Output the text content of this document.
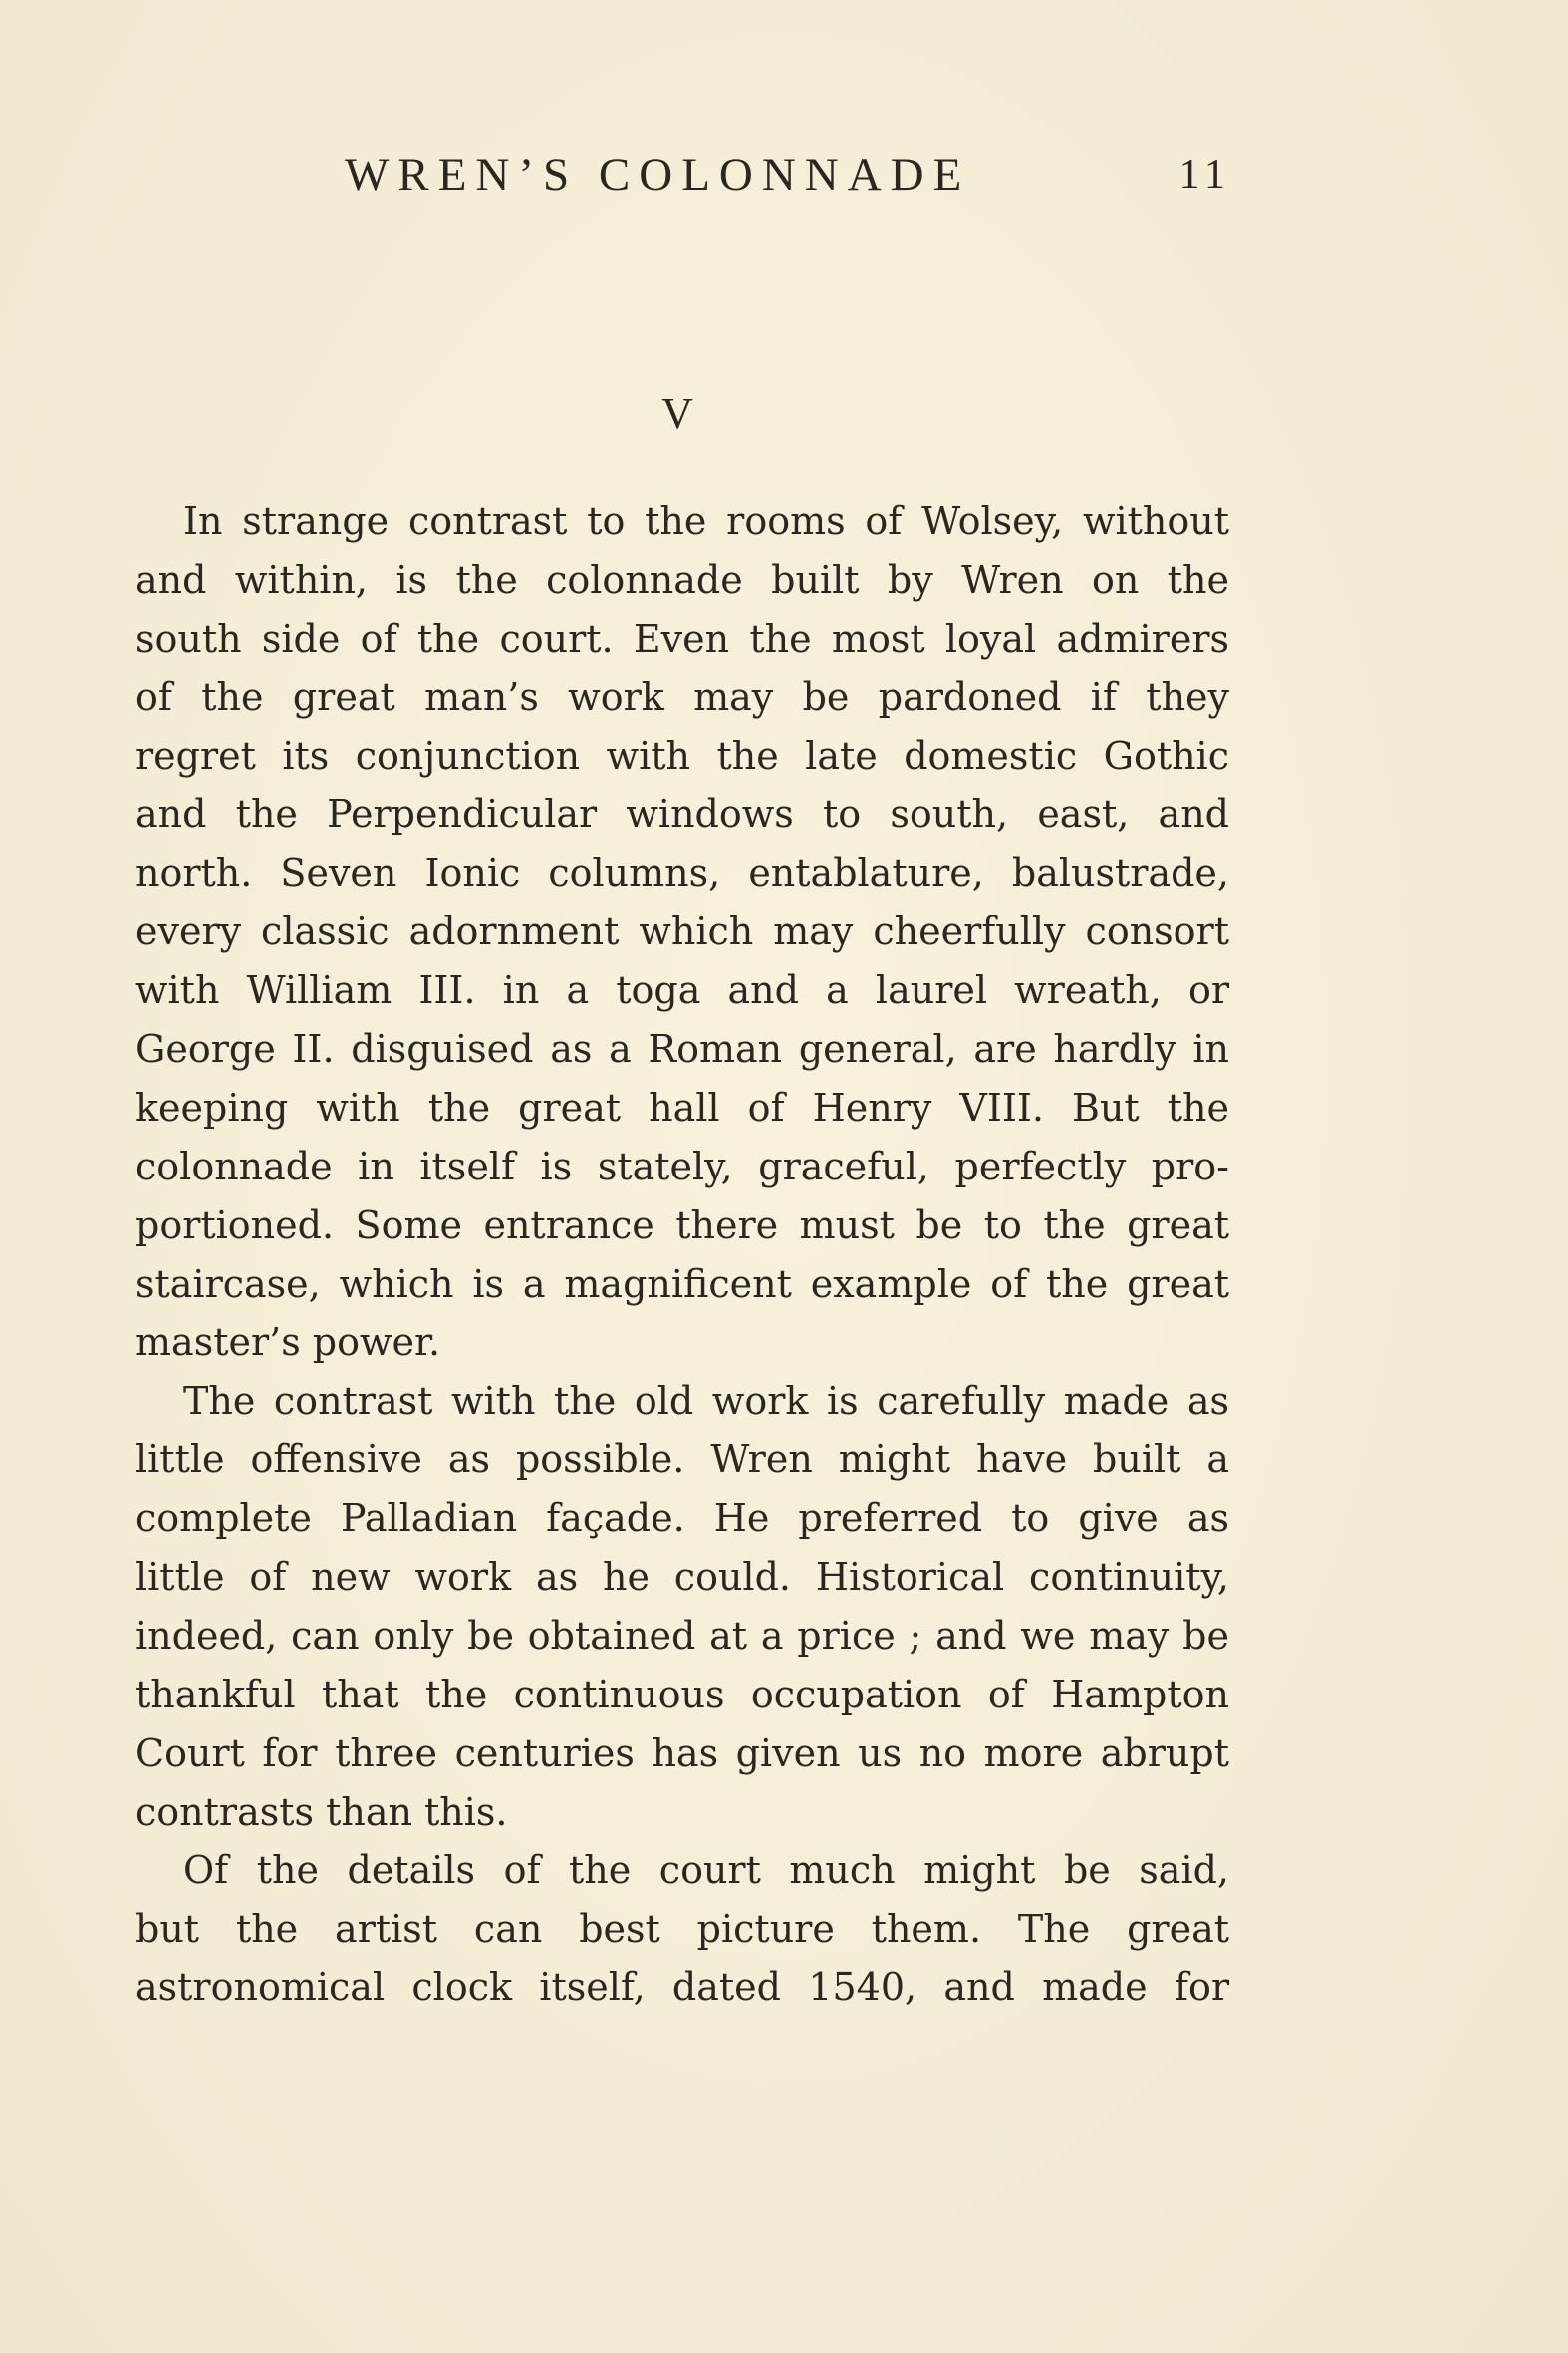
WREN’S COLONNADE	11
V
In strange contrast to the rooms of Wolsey, without
and within, is the colonnade built by Wren on the
south side of the court. Even the most loyal admirers
of the great man’s work may be pardoned if they
regret its conjunction with the late domestic Gothic
and the Perpendicular windows to south, east, and
north. Seven Ionic columns, entablature, balustrade,
every classic adornment which may cheerfully consort
with William III. in a toga and a laurel wreath, or
George II. disguised as a Roman general, are hardly in
keeping with the great hall of Henry VIII. But the
colonnade in itself is stately, graceful, perfectly pro-
portioned. Some entrance there must be to the great
staircase, which is a magnificent example of the great
master’s power.
The contrast with the old work is carefully made as
little offensive as possible. Wren might have built a
complete Palladian façade. He preferred to give as
little of new work as he could. Historical continuity,
indeed, can only be obtained at a price ; and we may be
thankful that the continuous occupation of Hampton
Court for three centuries has given us no more abrupt
contrasts than this.
Of the details of the court much might be said,
but the artist can best picture them. The great
astronomical clock itself, dated 1540, and made for
